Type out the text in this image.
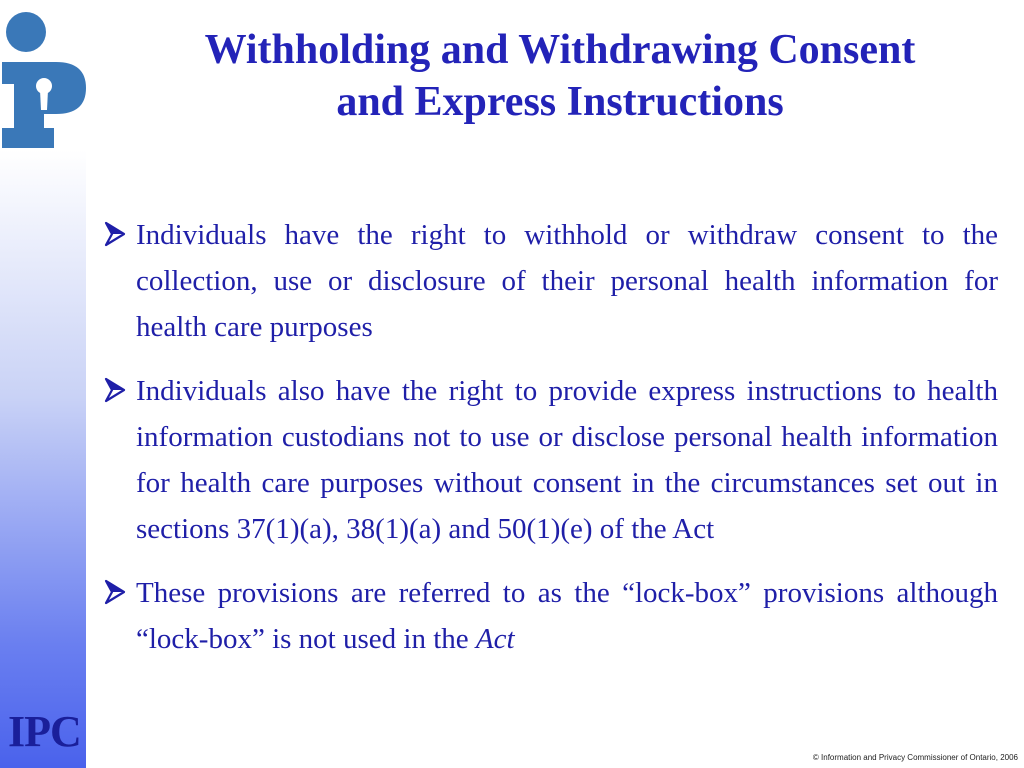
Withholding and Withdrawing Consent
and Express Instructions
Individuals have the right to withhold or withdraw consent to the collection, use or disclosure of their personal health information for health care purposes
Individuals also have the right to provide express instructions to health information custodians not to use or disclose personal health information for health care purposes without consent in the circumstances set out in sections 37(1)(a), 38(1)(a) and 50(1)(e) of the Act
These provisions are referred to as the “lock-box” provisions although “lock-box” is not used in the Act
IPC
© Information and Privacy Commissioner of Ontario, 2006
